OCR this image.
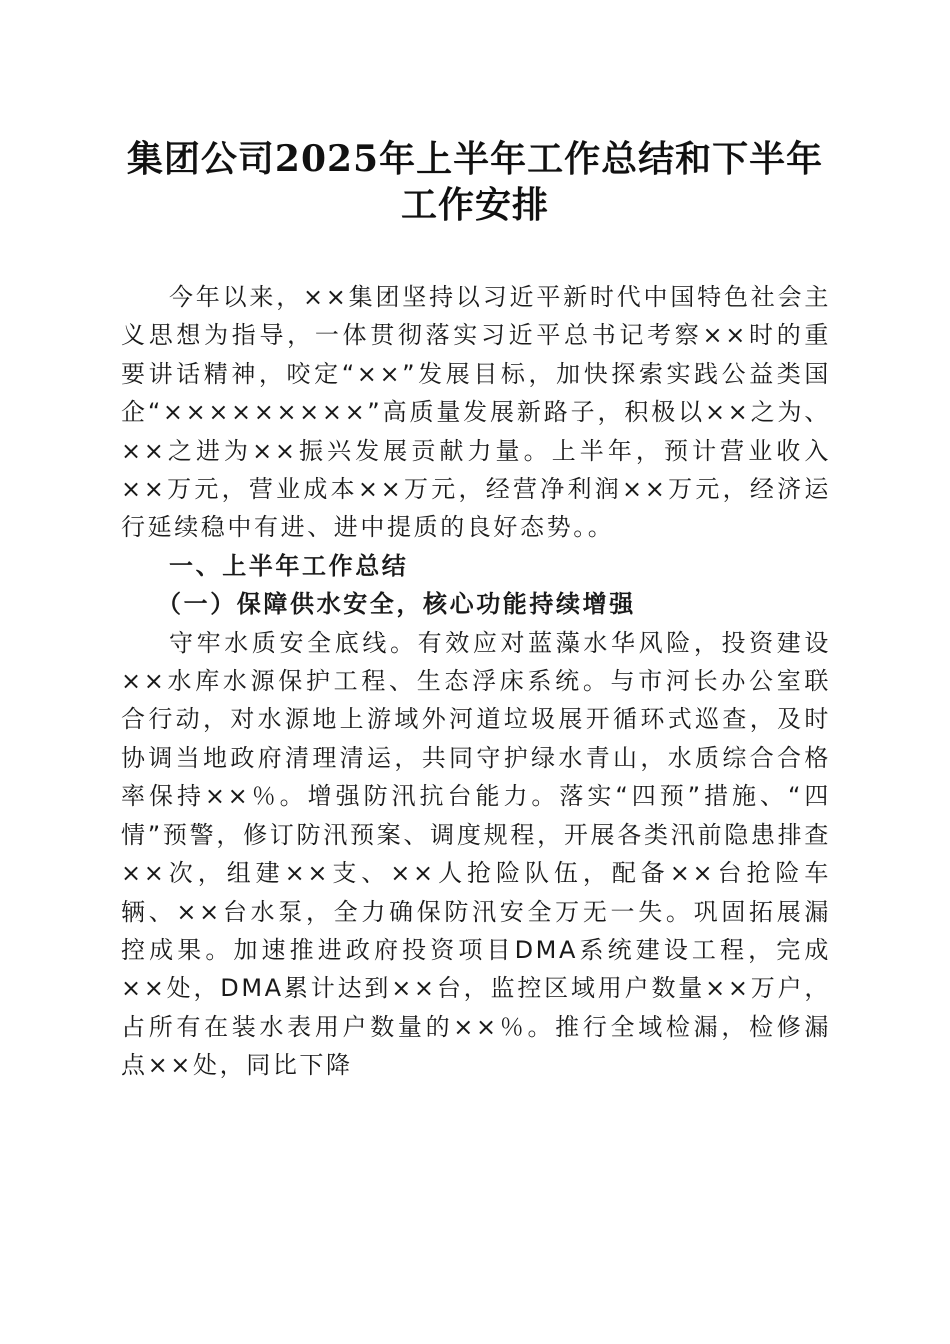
集团公司2025年上半年工作总结和下半年工作安排

今年以来，××集团坚持以习近平新时代中国特色社会主义思想为指导，一体贯彻落实习近平总书记考察××时的重要讲话精神，咬定“××”发展目标，加快探索实践公益类国企“×××××××××”高质量发展新路子，积极以××之为、××之进为××振兴发展贡献力量。上半年，预计营业收入××万元，营业成本××万元，经营净利润××万元，经济运行延续稳中有进、进中提质的良好态势。。

一、上半年工作总结
（一）保障供水安全，核心功能持续增强

守牢水质安全底线。有效应对蓝藻水华风险，投资建设××水库水源保护工程、生态浮床系统。与市河长办公室联合行动，对水源地上游域外河道垃圾展开循环式巡查，及时协调当地政府清理清运，共同守护绿水青山，水质综合合格率保持××％。增强防汛抗台能力。落实“四预”措施、“四情”预警，修订防汛预案、调度规程，开展各类汛前隐患排查××次，组建××支、××人抢险队伍，配备××台抢险车辆、××台水泵，全力确保防汛安全万无一失。巩固拓展漏控成果。加速推进政府投资项目DMA系统建设工程，完成××处，DMA累计达到××台，监控区域用户数量××万户，占所有在装水表用户数量的××％。推行全域检漏，检修漏点××处，同比下降
